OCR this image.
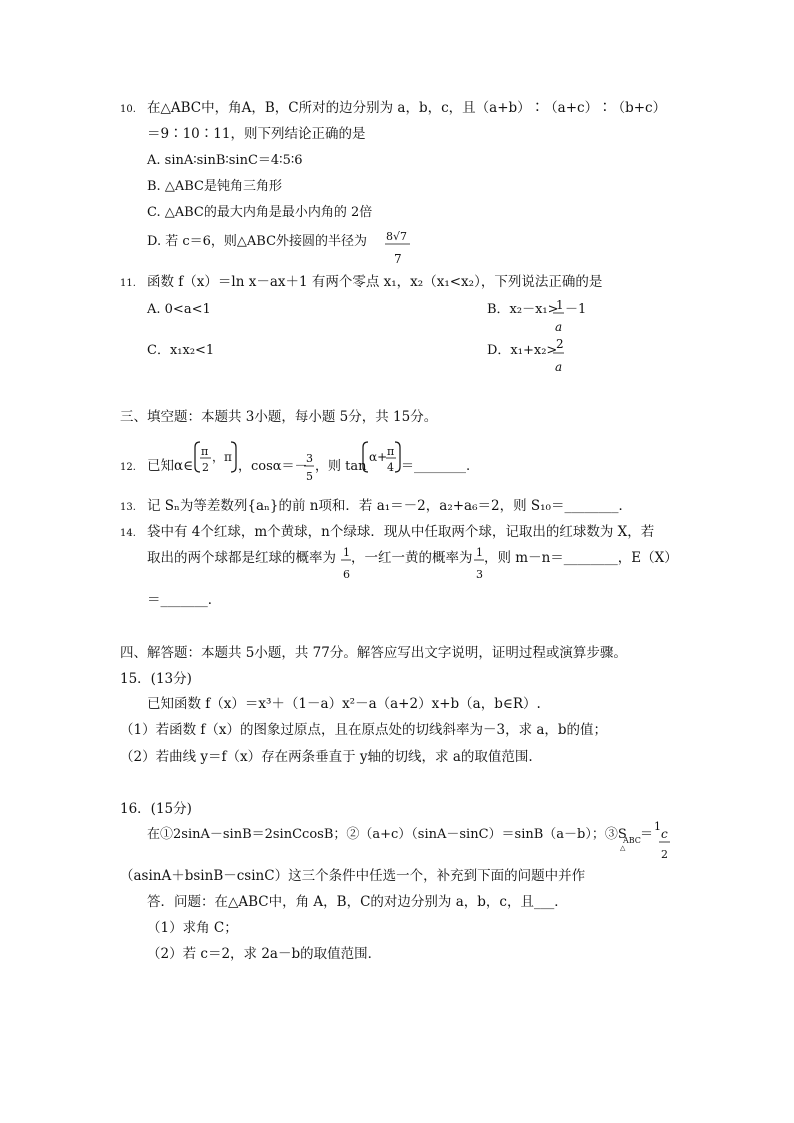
10. 在△ABC中，角A，B，C所对的边分别为 a，b，c，且（a+b）∶（a+c）∶（b+c）
＝9∶10∶11，则下列结论正确的是
A. sinA∶sinB∶sinC＝4∶5∶6
B. △ABC是钝角三角形
C. △ABC的最大内角是最小内角的 2倍
D. 若 c＝6，则△ABC外接圆的半径为 8√7
7
11. 函数 f（x）＝ln x－ax＋1 有两个零点 x₁，x₂（x₁<x₂），下列说法正确的是
A. 0<a<1	B．x₂－x₁>
1
a
－1
C．x₁x₂<1	D．x₁+x₂>
2
a
三、填空题：本题共 3小题，每小题 5分，共 15分。
12. 已知α∈
π
2
，π
，cosα＝－
3
5
，则 tan
α+ π
4 ＝________.
13. 记 Sₙ为等差数列{aₙ}的前 n项和．若 a₁＝－2，a₂+a₆＝2，则 S₁₀＝________．
14. 袋中有 4个红球，m个黄球，n个绿球．现从中任取两个球，记取出的红球数为 X，若
取出的两个球都是红球的概率为 1
6
，一红一黄的概率为 1
3
，则 m－n＝________，E（X）
＝_______．
四、解答题：本题共 5小题，共 77分。解答应写出文字说明，证明过程或演算步骤。
15．(13分)
已知函数 f（x）＝x³＋（1－a）x²－a（a+2）x+b（a，b∈R）.
（1）若函数 f（x）的图象过原点，且在原点处的切线斜率为－3，求 a，b的值；
（2）若曲线 y＝f（x）存在两条垂直于 y轴的切线，求 a的取值范围.
16．(15分)
在①2sinA－sinB＝2sinCcosB；②（a+c）（sinA－sinC）＝sinB（a－b）；③S
ABC
△
＝
1
c
2
（asinA＋bsinB－csinC）这三个条件中任选一个，补充到下面的问题中并作
答．问题：在△ABC中，角 A，B，C的对边分别为 a，b，c，且___．
（1）求角 C；
（2）若 c＝2，求 2a－b的取值范围．
